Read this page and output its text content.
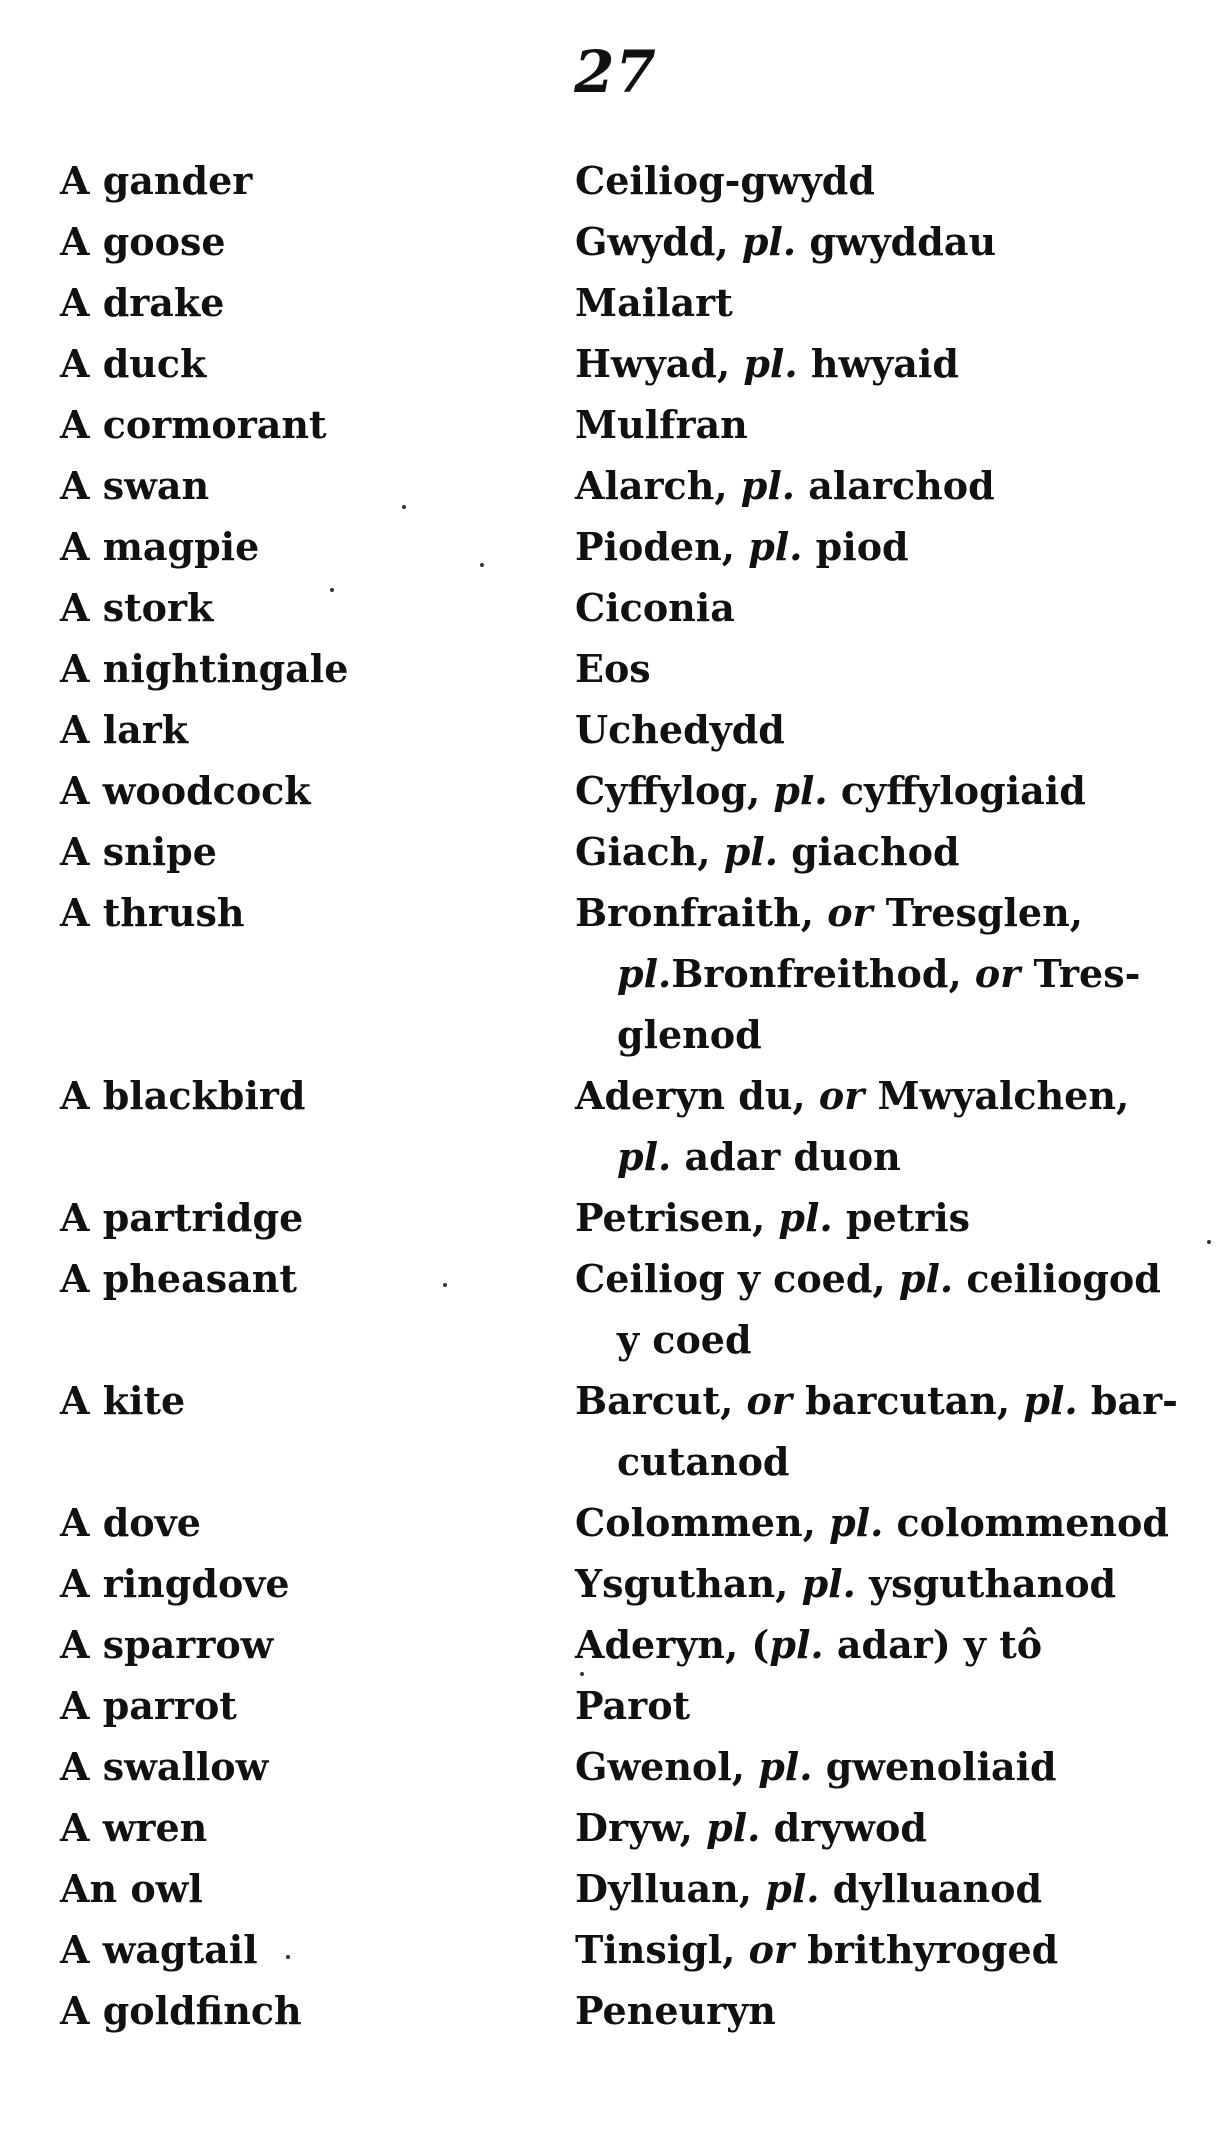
27
A gander	Ceiliog-gwydd
A goose	Gwydd, pl. gwyddau
A drake	Mailart
A duck	Hwyad, pl. hwyaid
A cormorant	Mulfran
A swan	Alarch, pl. alarchod
A magpie	Pioden, pl. piod
A stork	Ciconia
A nightingale	Eos
A lark	Uchedydd
A woodcock	Cyffylog, pl. cyffylogiaid
A snipe	Giach, pl. giachod
A thrush	Bronfraith, or Tresglen,
pl.Bronfreithod, or Tres-
glenod
A blackbird	Aderyn du, or Mwyalchen,
pl. adar duon
A partridge	Petrisen, pl. petris
A pheasant	Ceiliog y coed, pl. ceiliogod
y coed
A kite	Barcut, or barcutan, pl. bar-
cutanod
A dove	Colommen, pl. colommenod
A ringdove	Ysguthan, pl. ysguthanod
A sparrow	Aderyn, (pl. adar) y tô
A parrot	Parot
A swallow	Gwenol, pl. gwenoliaid
A wren	Dryw, pl. drywod
An owl	Dylluan, pl. dylluanod
A wagtail	Tinsigl, or brithyroged
A goldfinch	Peneuryn
